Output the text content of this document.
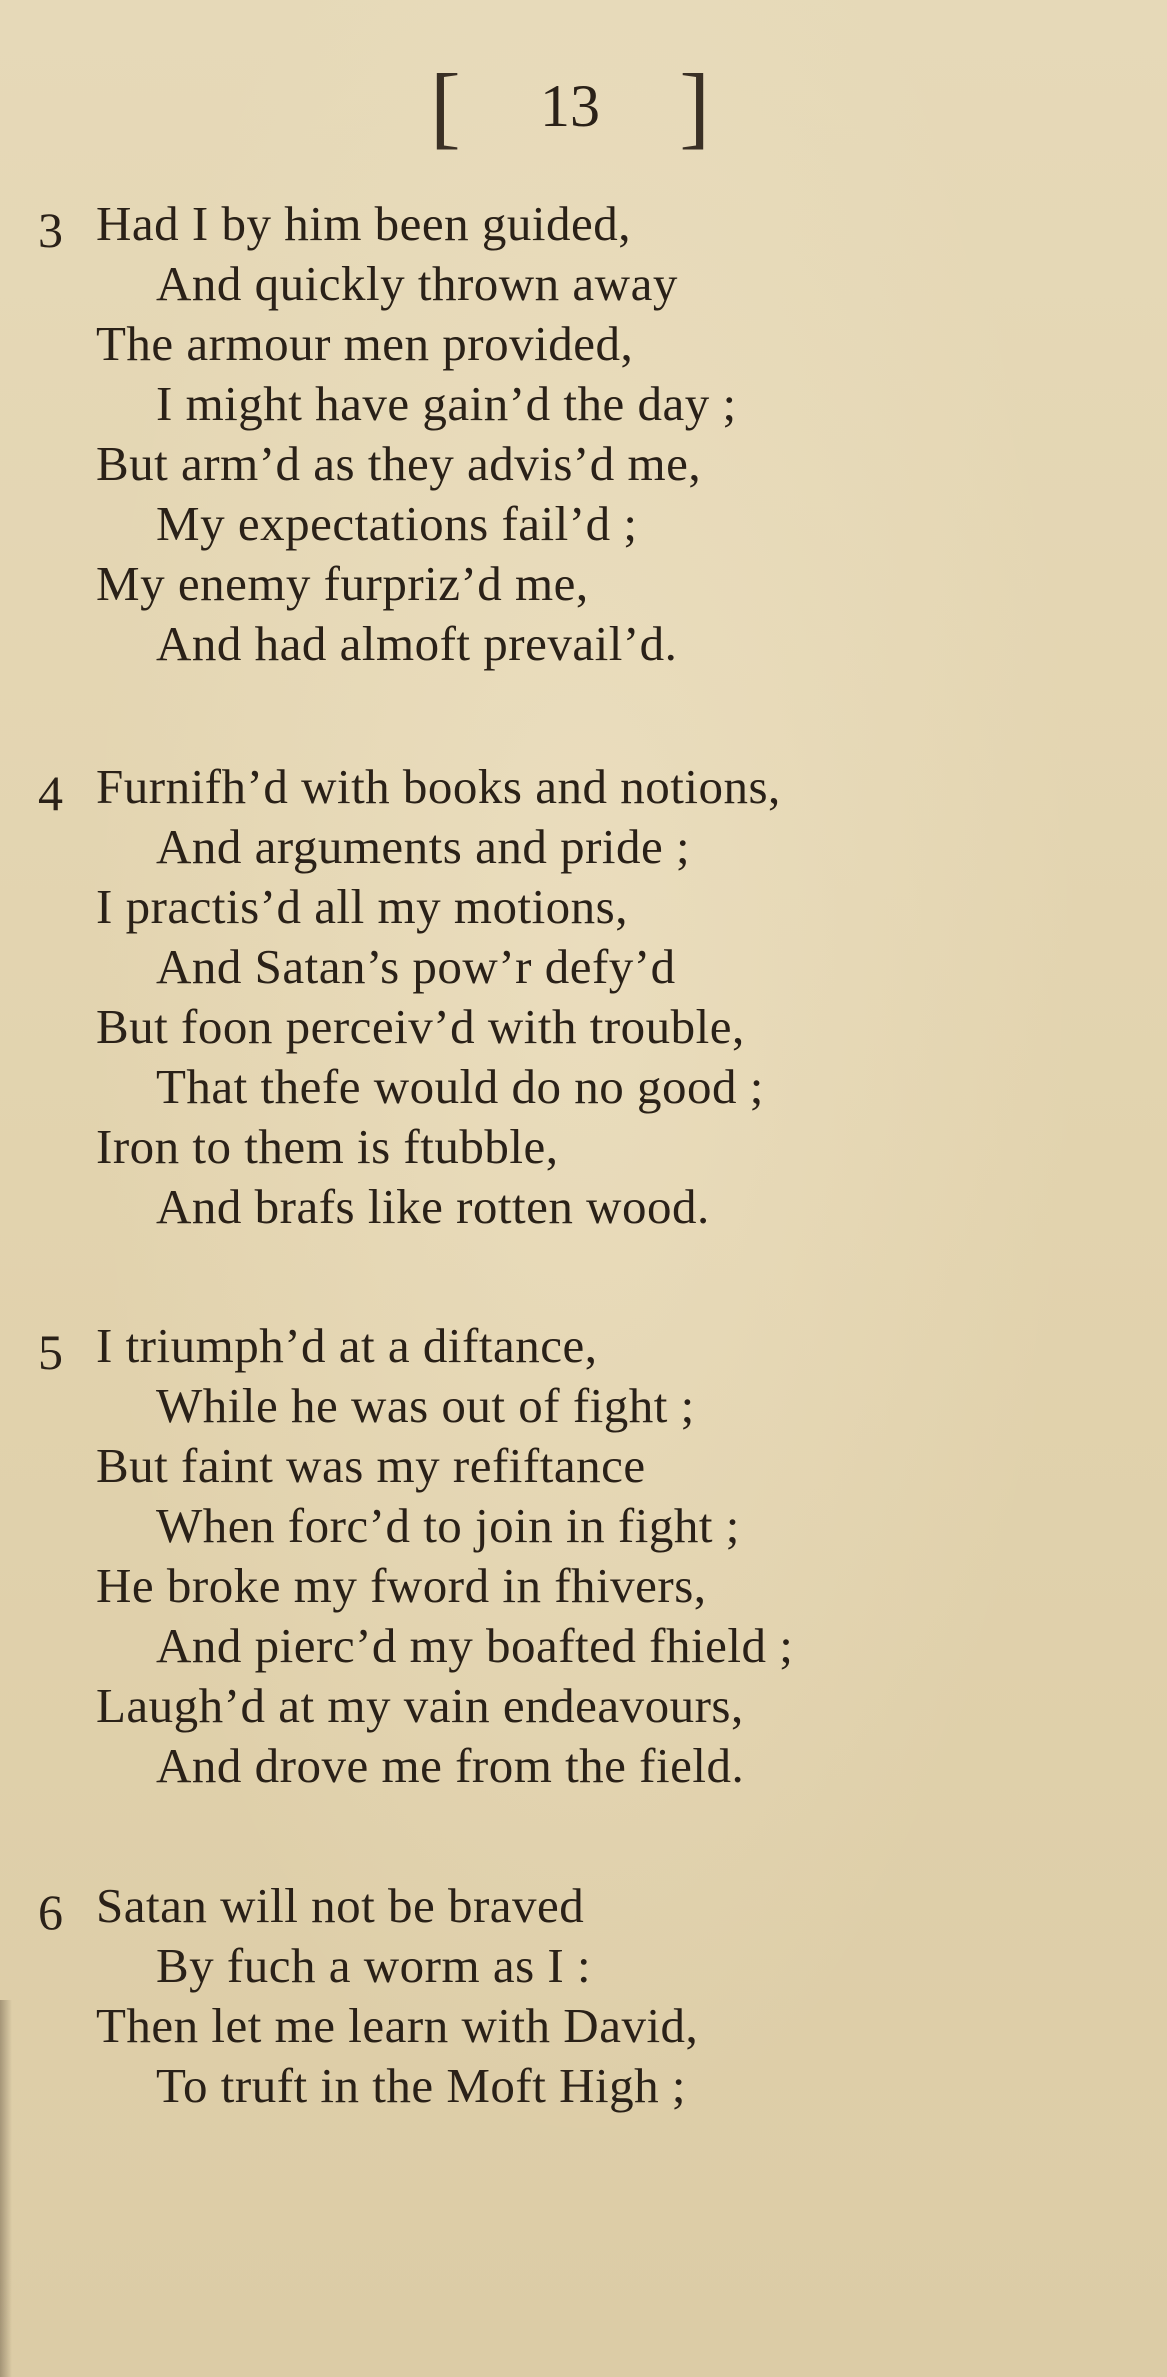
[ 13 ]
3 Had I by him been guided,
And quickly thrown away
The armour men provided,
I might have gain’d the day ;
But arm’d as they advis’d me,
My expectations fail’d ;
My enemy furpriz’d me,
And had almoft prevail’d.
4 Furnifh’d with books and notions,
And arguments and pride ;
I practis’d all my motions,
And Satan’s pow’r defy’d
But foon perceiv’d with trouble,
That thefe would do no good ;
Iron to them is ftubble,
And brafs like rotten wood.
5 I triumph’d at a diftance,
While he was out of fight ;
But faint was my refiftance
When forc’d to join in fight ;
He broke my fword in fhivers,
And pierc’d my boafted fhield ;
Laugh’d at my vain endeavours,
And drove me from the field.
6 Satan will not be braved
By fuch a worm as I :
Then let me learn with David,
To truft in the Moft High ;
